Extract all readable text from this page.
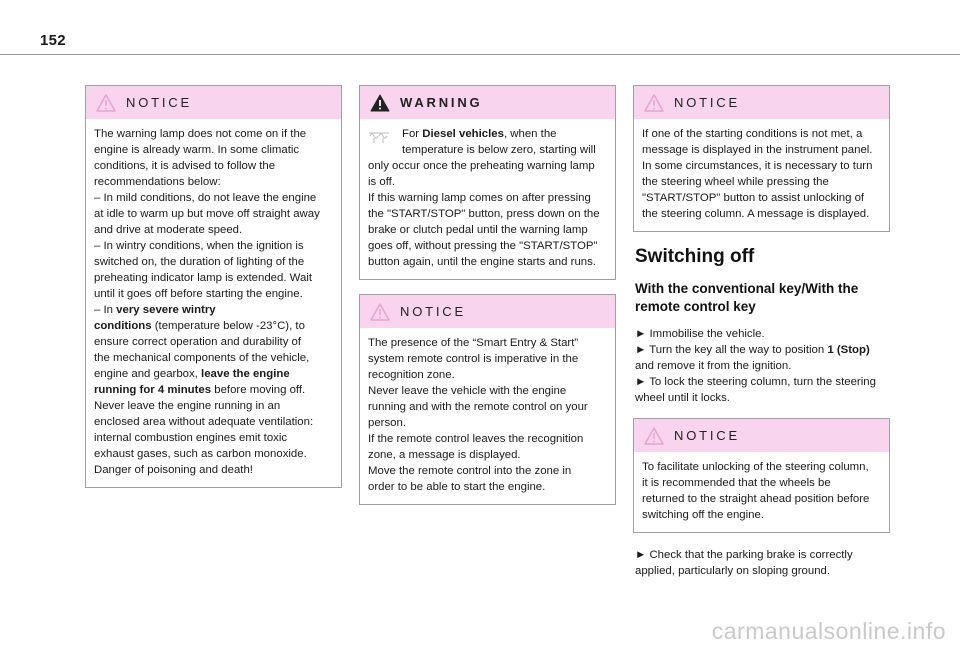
152
NOTICE

The warning lamp does not come on if the

engine is already warm. In some climatic

conditions, it is advised to follow the

recommendations below:

– In mild conditions, do not leave the engine

at idle to warm up but move off straight away

and drive at moderate speed.

– In wintry conditions, when the ignition is

switched on, the duration of lighting of the

preheating indicator lamp is extended. Wait

until it goes off before starting the engine.

– In very severe wintry

conditions (temperature below -23°C), to

ensure correct operation and durability of

the mechanical components of the vehicle,

engine and gearbox, leave the engine

running for 4 minutes before moving off.

Never leave the engine running in an

enclosed area without adequate ventilation:

internal combustion engines emit toxic

exhaust gases, such as carbon monoxide.

Danger of poisoning and death!

WARNING

For Diesel vehicles, when the

temperature is below zero, starting will

only occur once the preheating warning lamp

is off.

If this warning lamp comes on after pressing

the "START/STOP" button, press down on the

brake or clutch pedal until the warning lamp

goes off, without pressing the "START/STOP"

button again, until the engine starts and runs.

NOTICE

The presence of the “Smart Entry & Start”

system remote control is imperative in the

recognition zone.

Never leave the vehicle with the engine

running and with the remote control on your

person.

If the remote control leaves the recognition

zone, a message is displayed.

Move the remote control into the zone in

order to be able to start the engine.

NOTICE

If one of the starting conditions is not met, a

message is displayed in the instrument panel.

In some circumstances, it is necessary to turn

the steering wheel while pressing the

"START/STOP" button to assist unlocking of

the steering column. A message is displayed.

Switching off
With the conventional key/With the
remote control key

► Immobilise the vehicle.

► Turn the key all the way to position 1 (Stop)

and remove it from the ignition.

► To lock the steering column, turn the steering

wheel until it locks.

NOTICE

To facilitate unlocking of the steering column,

it is recommended that the wheels be

returned to the straight ahead position before

switching off the engine.

► Check that the parking brake is correctly

applied, particularly on sloping ground.

carmanualsonline.info
